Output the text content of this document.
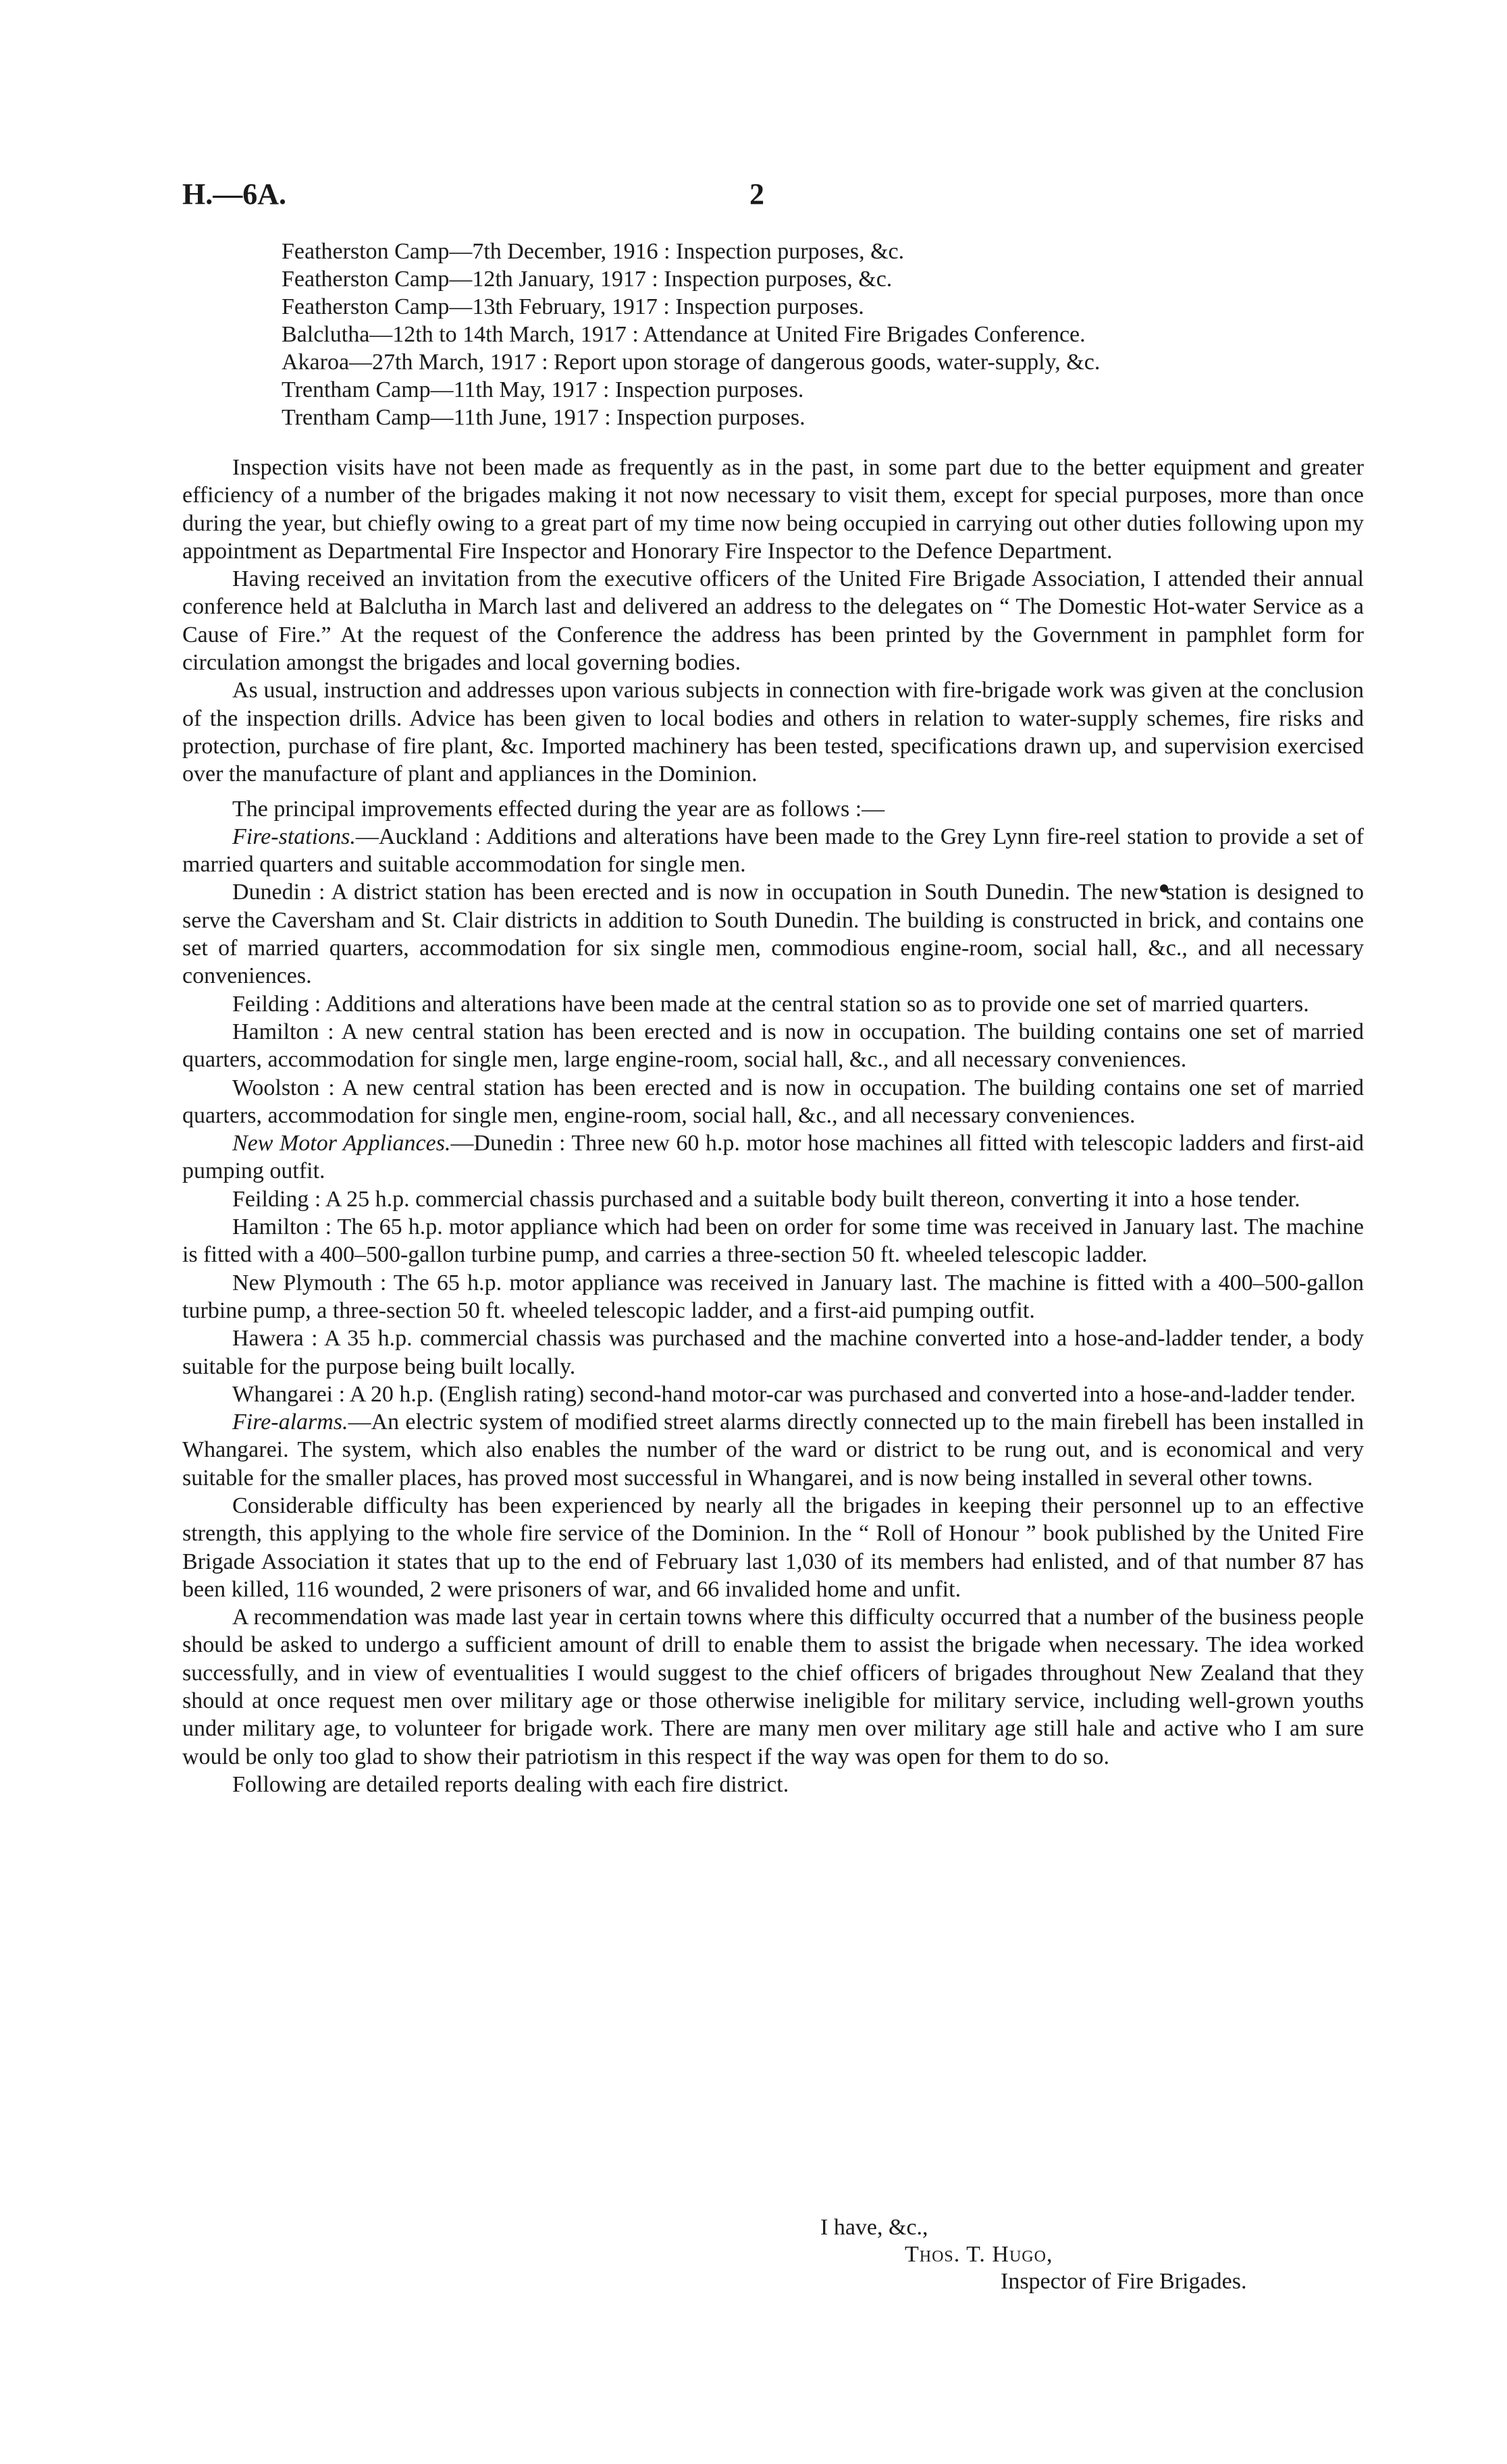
H.—6A.	2
Featherston Camp—7th December, 1916 : Inspection purposes, &c.
Featherston Camp—12th January, 1917 : Inspection purposes, &c.
Featherston Camp—13th February, 1917 : Inspection purposes.
Balclutha—12th to 14th March, 1917 : Attendance at United Fire Brigades Conference.
Akaroa—27th March, 1917 : Report upon storage of dangerous goods, water-supply, &c.
Trentham Camp—11th May, 1917 : Inspection purposes.
Trentham Camp—11th June, 1917 : Inspection purposes.

Inspection visits have not been made as frequently as in the past, in some part due to the better equipment and greater efficiency of a number of the brigades making it not now necessary to visit them, except for special purposes, more than once during the year, but chiefly owing to a great part of my time now being occupied in carrying out other duties following upon my appointment as Departmental Fire Inspector and Honorary Fire Inspector to the Defence Department.

Having received an invitation from the executive officers of the United Fire Brigade Association, I attended their annual conference held at Balclutha in March last and delivered an address to the delegates on “ The Domestic Hot-water Service as a Cause of Fire.” At the request of the Conference the address has been printed by the Government in pamphlet form for circulation amongst the brigades and local governing bodies.

As usual, instruction and addresses upon various subjects in connection with fire-brigade work was given at the conclusion of the inspection drills. Advice has been given to local bodies and others in relation to water-supply schemes, fire risks and protection, purchase of fire plant, &c. Imported machinery has been tested, specifications drawn up, and supervision exercised over the manufacture of plant and appliances in the Dominion.

The principal improvements effected during the year are as follows :—

Fire-stations.—Auckland : Additions and alterations have been made to the Grey Lynn fire-reel station to provide a set of married quarters and suitable accommodation for single men.

Dunedin : A district station has been erected and is now in occupation in South Dunedin. The new station is designed to serve the Caversham and St. Clair districts in addition to South Dunedin. The building is constructed in brick, and contains one set of married quarters, accommodation for six single men, commodious engine-room, social hall, &c., and all necessary conveniences.

Feilding : Additions and alterations have been made at the central station so as to provide one set of married quarters.

Hamilton : A new central station has been erected and is now in occupation. The building contains one set of married quarters, accommodation for single men, large engine-room, social hall, &c., and all necessary conveniences.

Woolston : A new central station has been erected and is now in occupation. The building contains one set of married quarters, accommodation for single men, engine-room, social hall, &c., and all necessary conveniences.

New Motor Appliances.—Dunedin : Three new 60 h.p. motor hose machines all fitted with telescopic ladders and first-aid pumping outfit.

Feilding : A 25 h.p. commercial chassis purchased and a suitable body built thereon, converting it into a hose tender.

Hamilton : The 65 h.p. motor appliance which had been on order for some time was received in January last. The machine is fitted with a 400–500-gallon turbine pump, and carries a three-section 50 ft. wheeled telescopic ladder.

New Plymouth : The 65 h.p. motor appliance was received in January last. The machine is fitted with a 400–500-gallon turbine pump, a three-section 50 ft. wheeled telescopic ladder, and a first-aid pumping outfit.

Hawera : A 35 h.p. commercial chassis was purchased and the machine converted into a hose-and-ladder tender, a body suitable for the purpose being built locally.

Whangarei : A 20 h.p. (English rating) second-hand motor-car was purchased and converted into a hose-and-ladder tender.

Fire-alarms.—An electric system of modified street alarms directly connected up to the main firebell has been installed in Whangarei. The system, which also enables the number of the ward or district to be rung out, and is economical and very suitable for the smaller places, has proved most successful in Whangarei, and is now being installed in several other towns.

Considerable difficulty has been experienced by nearly all the brigades in keeping their personnel up to an effective strength, this applying to the whole fire service of the Dominion. In the “ Roll of Honour ” book published by the United Fire Brigade Association it states that up to the end of February last 1,030 of its members had enlisted, and of that number 87 has been killed, 116 wounded, 2 were prisoners of war, and 66 invalided home and unfit.

A recommendation was made last year in certain towns where this difficulty occurred that a number of the business people should be asked to undergo a sufficient amount of drill to enable them to assist the brigade when necessary. The idea worked successfully, and in view of eventualities I would suggest to the chief officers of brigades throughout New Zealand that they should at once request men over military age or those otherwise ineligible for military service, including well-grown youths under military age, to volunteer for brigade work. There are many men over military age still hale and active who I am sure would be only too glad to show their patriotism in this respect if the way was open for them to do so.

Following are detailed reports dealing with each fire district.

I have, &c.,
Thos. T. Hugo,
Inspector of Fire Brigades.
